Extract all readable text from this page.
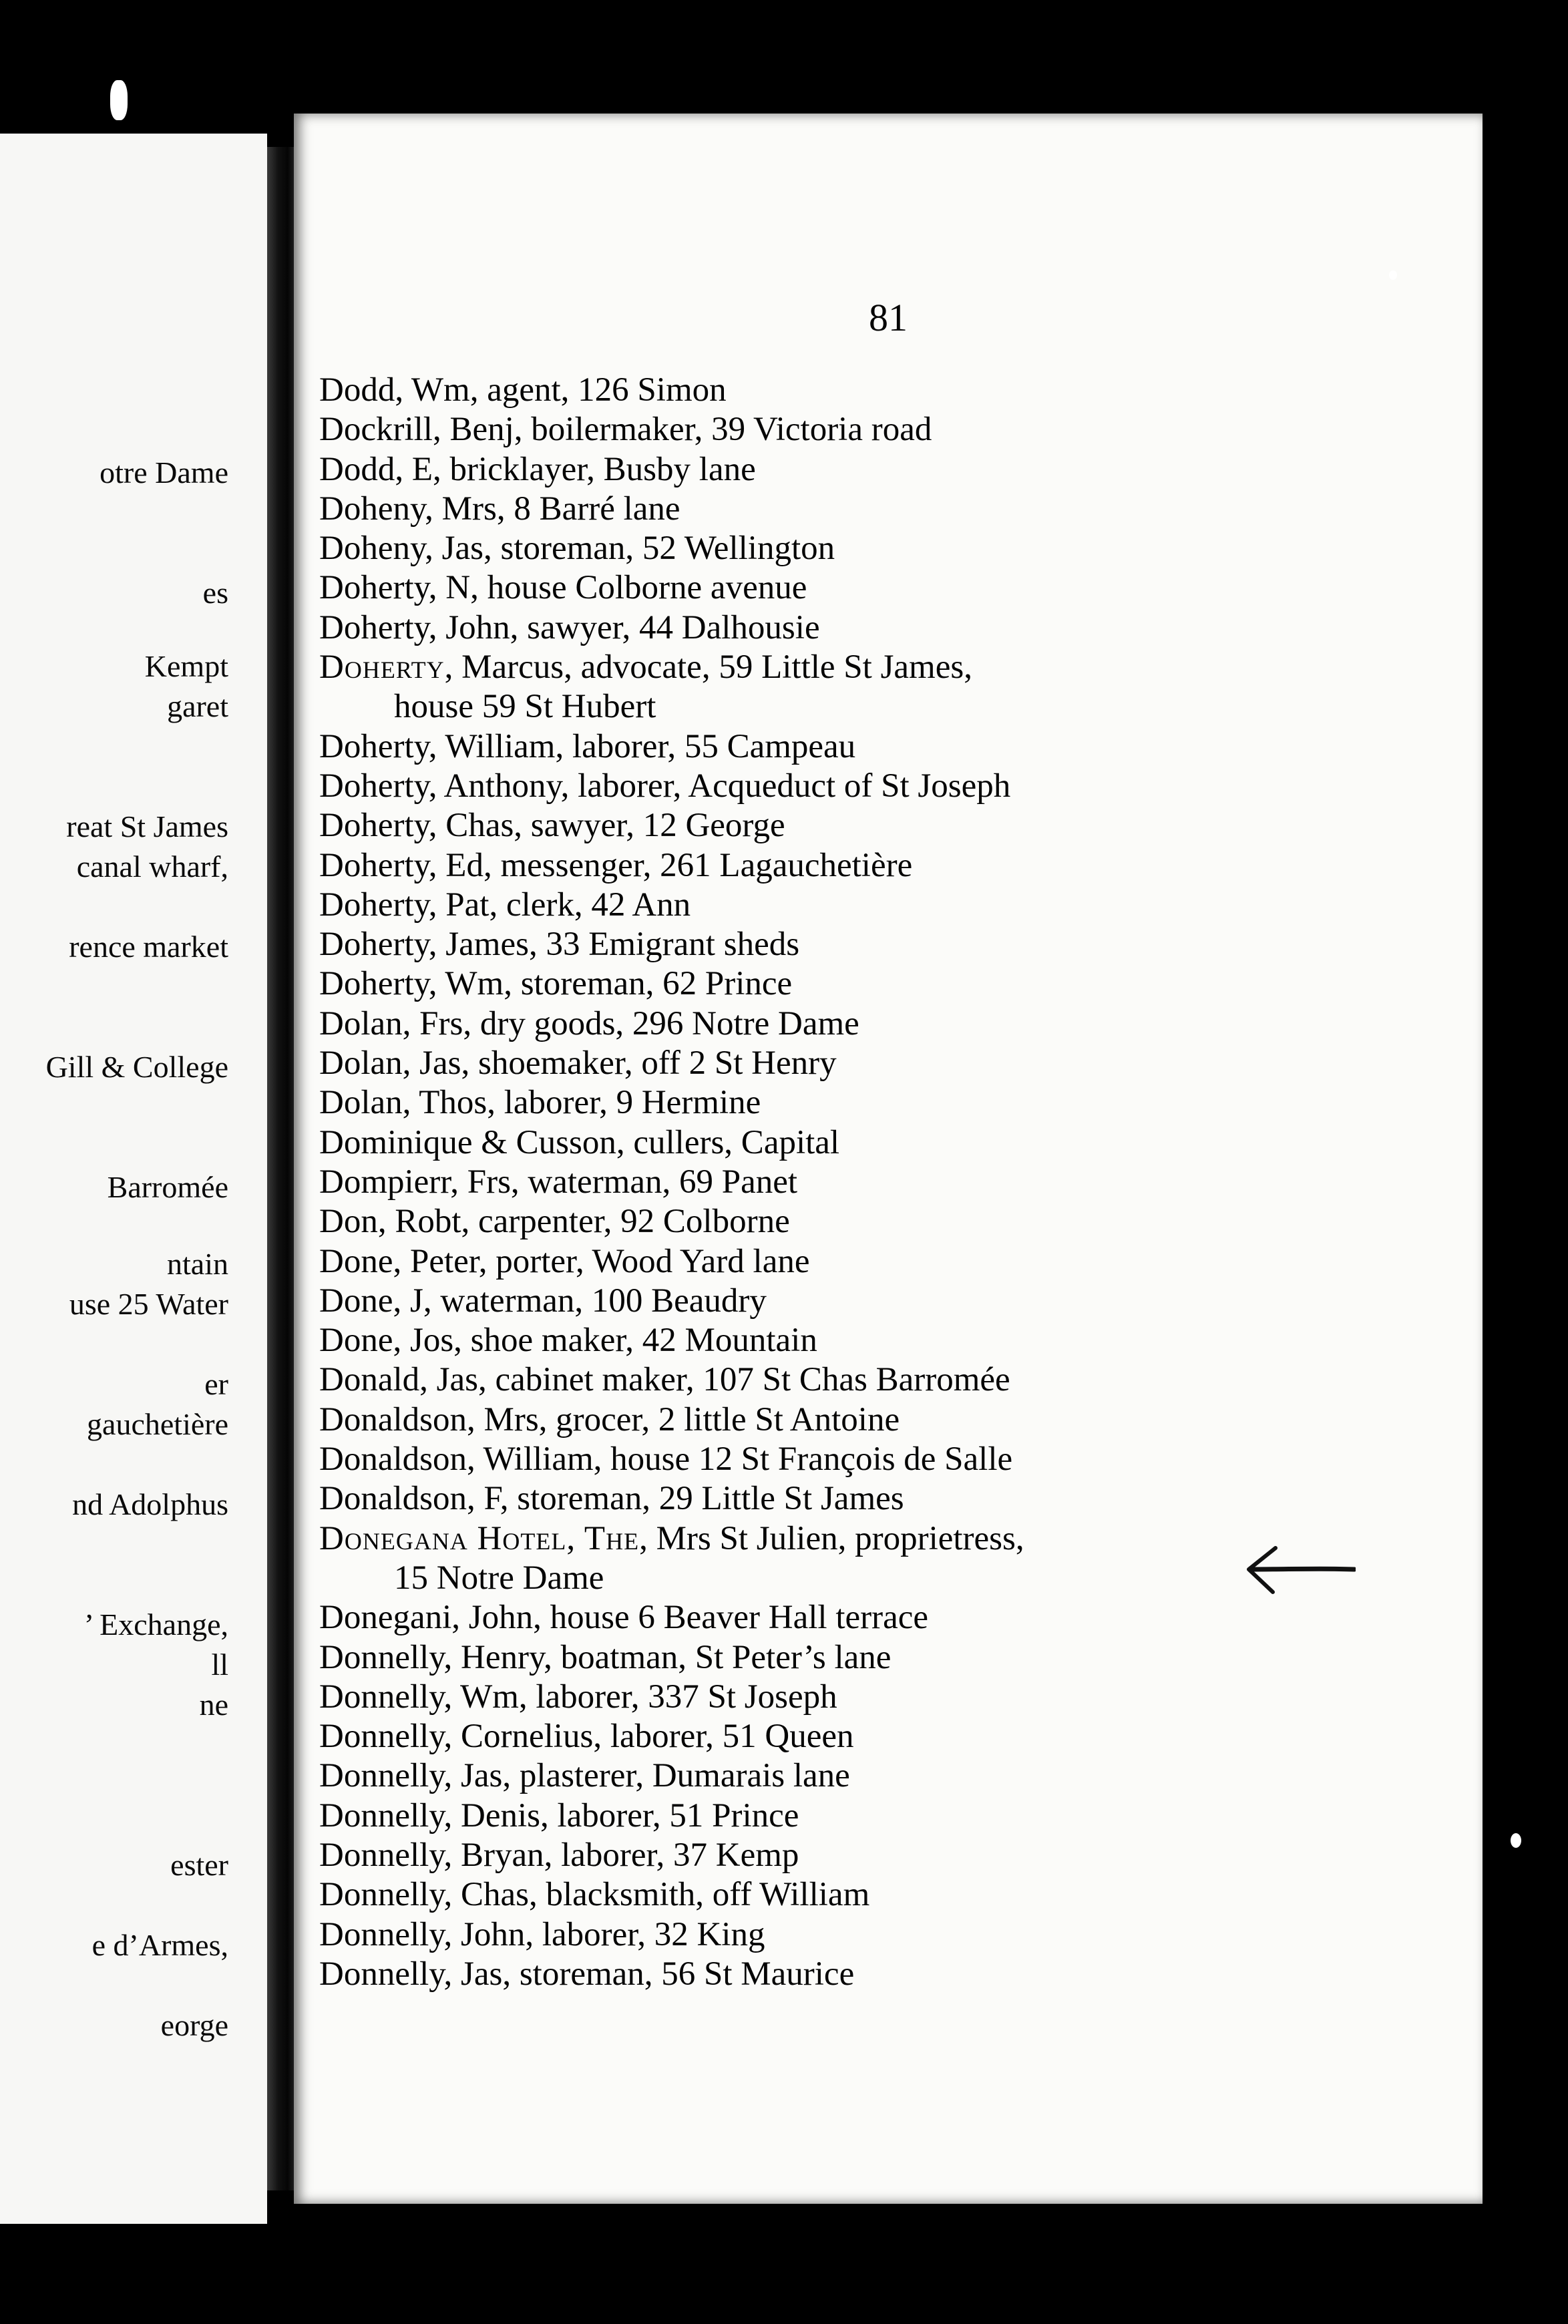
otre Dame
es
Kempt
garet
reat St James
canal wharf,
rence market
Gill & College
Barromée
ntain
use 25 Water
er
gauchetière
nd Adolphus
’ Exchange,
ll
ne
ester
e d’Armes,
eorge
81
Dodd, Wm, agent, 126 Simon
Dockrill, Benj, boilermaker, 39 Victoria road
Dodd, E, bricklayer, Busby lane
Doheny, Mrs, 8 Barré lane
Doheny, Jas, storeman, 52 Wellington
Doherty, N, house Colborne avenue
Doherty, John, sawyer, 44 Dalhousie
Doherty, Marcus, advocate, 59 Little St James,
house 59 St Hubert
Doherty, William, laborer, 55 Campeau
Doherty, Anthony, laborer, Acqueduct of St Joseph
Doherty, Chas, sawyer, 12 George
Doherty, Ed, messenger, 261 Lagauchetière
Doherty, Pat, clerk, 42 Ann
Doherty, James, 33 Emigrant sheds
Doherty, Wm, storeman, 62 Prince
Dolan, Frs, dry goods, 296 Notre Dame
Dolan, Jas, shoemaker, off 2 St Henry
Dolan, Thos, laborer, 9 Hermine
Dominique & Cusson, cullers, Capital
Dompierr, Frs, waterman, 69 Panet
Don, Robt, carpenter, 92 Colborne
Done, Peter, porter, Wood Yard lane
Done, J, waterman, 100 Beaudry
Done, Jos, shoe maker, 42 Mountain
Donald, Jas, cabinet maker, 107 St Chas Barromée
Donaldson, Mrs, grocer, 2 little St Antoine
Donaldson, William, house 12 St François de Salle
Donaldson, F, storeman, 29 Little St James
Donegana Hotel, The, Mrs St Julien, proprietress,
15 Notre Dame
Donegani, John, house 6 Beaver Hall terrace
Donnelly, Henry, boatman, St Peter’s lane
Donnelly, Wm, laborer, 337 St Joseph
Donnelly, Cornelius, laborer, 51 Queen
Donnelly, Jas, plasterer, Dumarais lane
Donnelly, Denis, laborer, 51 Prince
Donnelly, Bryan, laborer, 37 Kemp
Donnelly, Chas, blacksmith, off William
Donnelly, John, laborer, 32 King
Donnelly, Jas, storeman, 56 St Maurice
